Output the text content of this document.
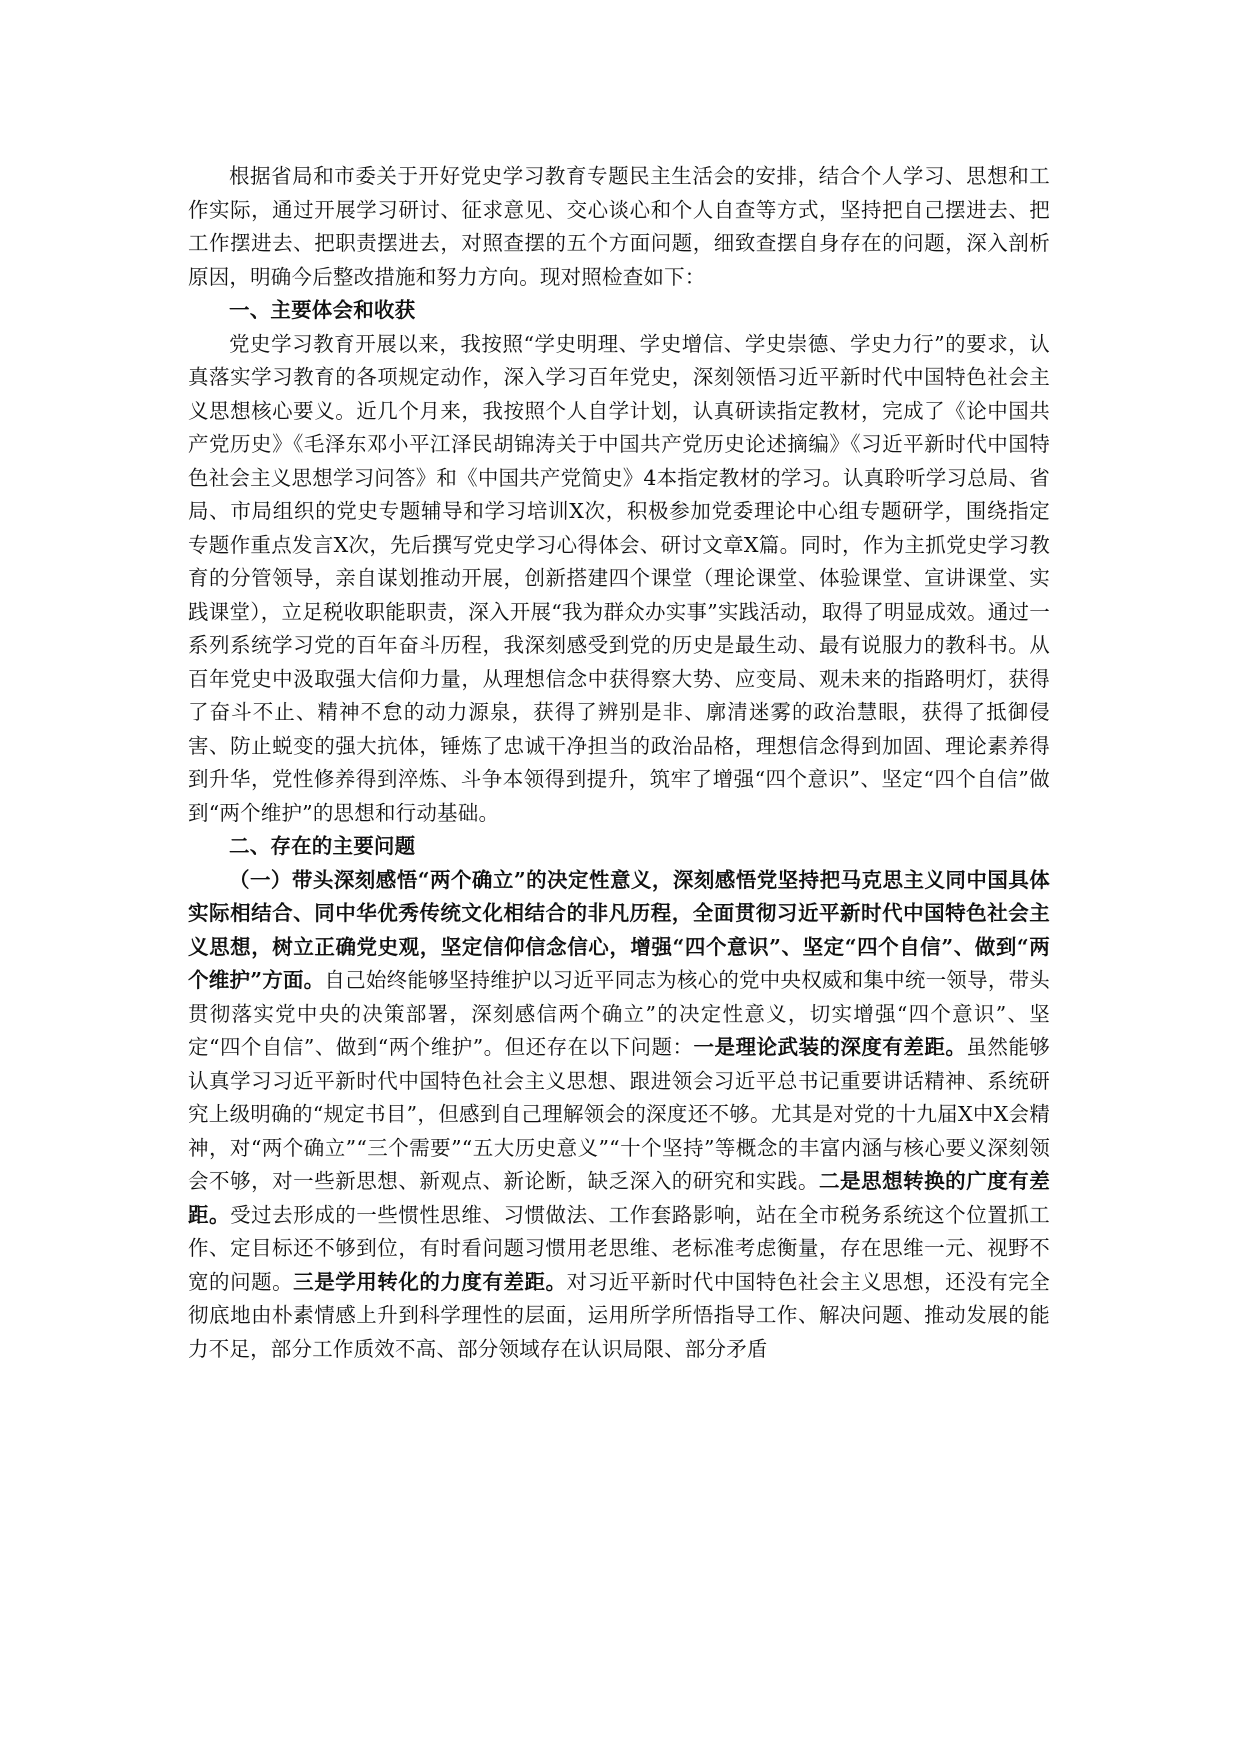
根据省局和市委关于开好党史学习教育专题民主生活会的安排，结合个人学习、思想和工作实际，通过开展学习研讨、征求意见、交心谈心和个人自查等方式，坚持把自己摆进去、把工作摆进去、把职责摆进去，对照查摆的五个方面问题，细致查摆自身存在的问题，深入剖析原因，明确今后整改措施和努力方向。现对照检查如下：

一、主要体会和收获

党史学习教育开展以来，我按照“学史明理、学史增信、学史崇德、学史力行”的要求，认真落实学习教育的各项规定动作，深入学习百年党史，深刻领悟习近平新时代中国特色社会主义思想核心要义。近几个月来，我按照个人自学计划，认真研读指定教材，完成了《论中国共产党历史》《毛泽东邓小平江泽民胡锦涛关于中国共产党历史论述摘编》《习近平新时代中国特色社会主义思想学习问答》和《中国共产党简史》4本指定教材的学习。认真聆听学习总局、省局、市局组织的党史专题辅导和学习培训X次，积极参加党委理论中心组专题研学，围绕指定专题作重点发言X次，先后撰写党史学习心得体会、研讨文章X篇。同时，作为主抓党史学习教育的分管领导，亲自谋划推动开展，创新搭建四个课堂（理论课堂、体验课堂、宣讲课堂、实践课堂），立足税收职能职责，深入开展“我为群众办实事”实践活动，取得了明显成效。通过一系列系统学习党的百年奋斗历程，我深刻感受到党的历史是最生动、最有说服力的教科书。从百年党史中汲取强大信仰力量，从理想信念中获得察大势、应变局、观未来的指路明灯，获得了奋斗不止、精神不怠的动力源泉，获得了辨别是非、廓清迷雾的政治慧眼，获得了抵御侵害、防止蜕变的强大抗体，锤炼了忠诚干净担当的政治品格，理想信念得到加固、理论素养得到升华，党性修养得到淬炼、斗争本领得到提升，筑牢了增强“四个意识”、坚定“四个自信”做到“两个维护”的思想和行动基础。

二、存在的主要问题

（一）带头深刻感悟“两个确立”的决定性意义，深刻感悟党坚持把马克思主义同中国具体实际相结合、同中华优秀传统文化相结合的非凡历程，全面贯彻习近平新时代中国特色社会主义思想，树立正确党史观，坚定信仰信念信心，增强“四个意识”、坚定“四个自信”、做到“两个维护”方面。自己始终能够坚持维护以习近平同志为核心的党中央权威和集中统一领导，带头贯彻落实党中央的决策部署，深刻感信两个确立”的决定性意义，切实增强“四个意识”、坚定“四个自信”、做到“两个维护”。但还存在以下问题：一是理论武装的深度有差距。虽然能够认真学习习近平新时代中国特色社会主义思想、跟进领会习近平总书记重要讲话精神、系统研究上级明确的“规定书目”，但感到自己理解领会的深度还不够。尤其是对党的十九届X中X会精神，对“两个确立”“三个需要”“五大历史意义”“十个坚持”等概念的丰富内涵与核心要义深刻领会不够，对一些新思想、新观点、新论断，缺乏深入的研究和实践。二是思想转换的广度有差距。受过去形成的一些惯性思维、习惯做法、工作套路影响，站在全市税务系统这个位置抓工作、定目标还不够到位，有时看问题习惯用老思维、老标准考虑衡量，存在思维一元、视野不宽的问题。三是学用转化的力度有差距。对习近平新时代中国特色社会主义思想，还没有完全彻底地由朴素情感上升到科学理性的层面，运用所学所悟指导工作、解决问题、推动发展的能力不足，部分工作质效不高、部分领域存在认识局限、部分矛盾
